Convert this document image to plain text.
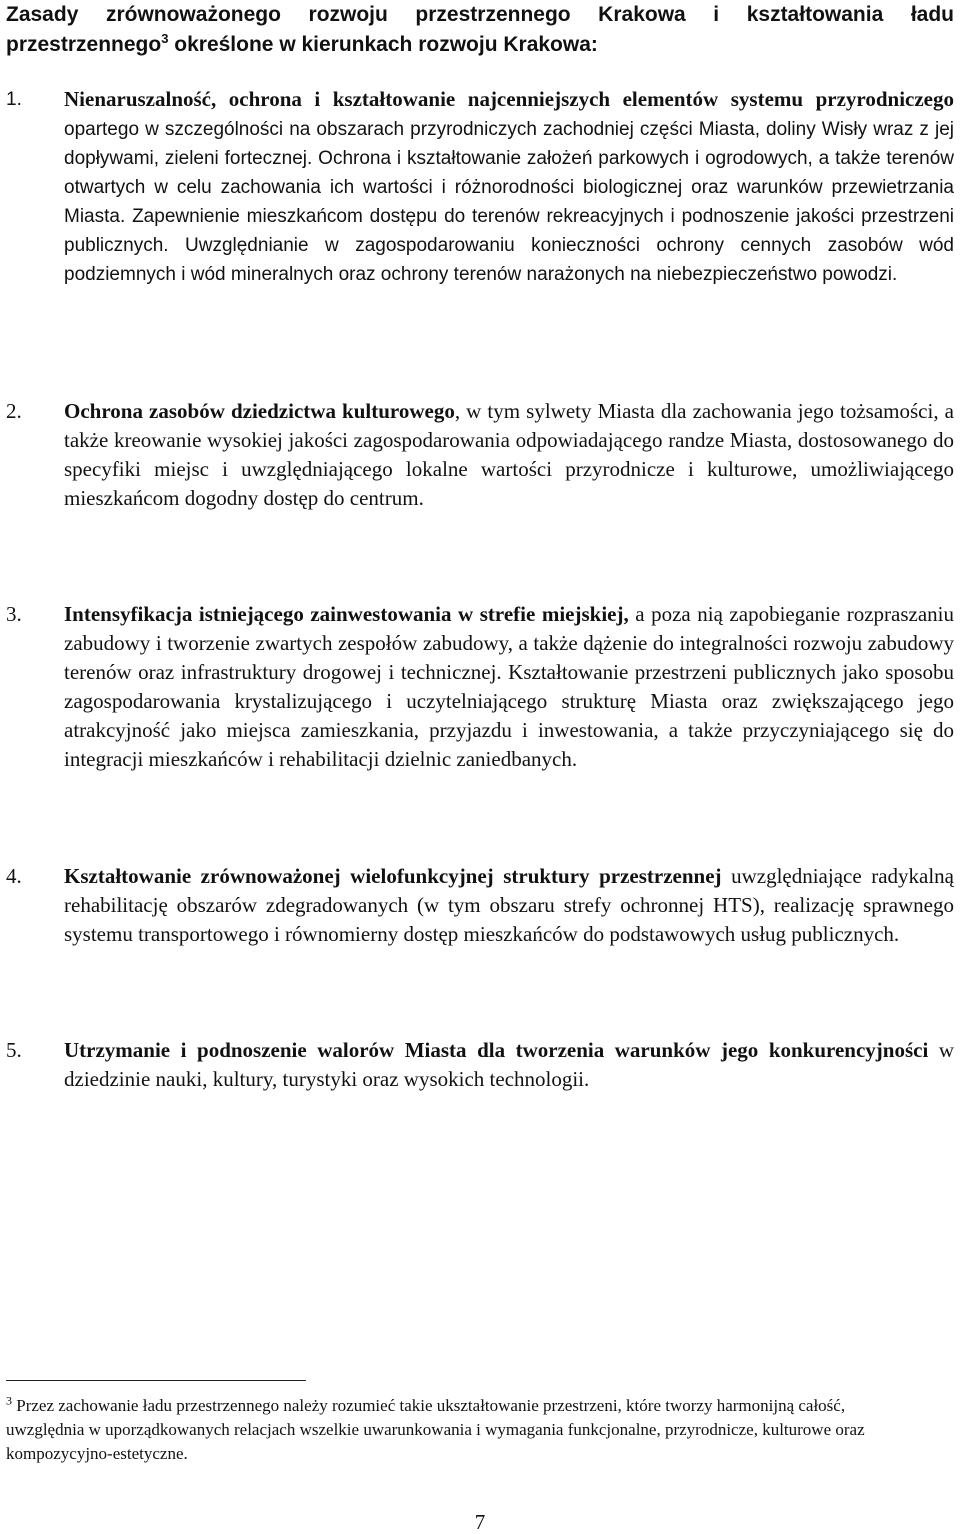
Zasady zrównoważonego rozwoju przestrzennego Krakowa i kształtowania ładu przestrzennego$^3$ określone w kierunkach rozwoju Krakowa:
1. Nienaruszalność, ochrona i kształtowanie najcenniejszych elementów systemu przyrodniczego opartego w szczególności na obszarach przyrodniczych zachodniej części Miasta, doliny Wisły wraz z jej dopływami, zieleni fortecznej. Ochrona i kształtowanie założeń parkowych i ogrodowych, a także terenów otwartych w celu zachowania ich wartości i różnorodności biologicznej oraz warunków przewietrzania Miasta. Zapewnienie mieszkańcom dostępu do terenów rekreacyjnych i podnoszenie jakości przestrzeni publicznych. Uwzględnianie w zagospodarowaniu konieczności ochrony cennych zasobów wód podziemnych i wód mineralnych oraz ochrony terenów narażonych na niebezpieczeństwo powodzi.
2. Ochrona zasobów dziedzictwa kulturowego, w tym sylwety Miasta dla zachowania jego tożsamości, a także kreowanie wysokiej jakości zagospodarowania odpowiadającego randze Miasta, dostosowanego do specyfiki miejsc i uwzględniającego lokalne wartości przyrodnicze i kulturowe, umożliwiającego mieszkańcom dogodny dostęp do centrum.
3. Intensyfikacja istniejącego zainwestowania w strefie miejskiej, a poza nią zapobieganie rozpraszaniu zabudowy i tworzenie zwartych zespołów zabudowy, a także dążenie do integralności rozwoju zabudowy terenów oraz infrastruktury drogowej i technicznej. Kształtowanie przestrzeni publicznych jako sposobu zagospodarowania krystalizującego i uczytelniającego strukturę Miasta oraz zwiększającego jego atrakcyjność jako miejsca zamieszkania, przyjazdu i inwestowania, a także przyczyniającego się do integracji mieszkańców i rehabilitacji dzielnic zaniedbanych.
4. Kształtowanie zrównoważonej wielofunkcyjnej struktury przestrzennej uwzględniające radykalną rehabilitację obszarów zdegradowanych (w tym obszaru strefy ochronnej HTS), realizację sprawnego systemu transportowego i równomierny dostęp mieszkańców do podstawowych usług publicznych.
5. Utrzymanie i podnoszenie walorów Miasta dla tworzenia warunków jego konkurencyjności w dziedzinie nauki, kultury, turystyki oraz wysokich technologii.
$^3$ Przez zachowanie ładu przestrzennego należy rozumieć takie ukształtowanie przestrzeni, które tworzy harmonijną całość, uwzględnia w uporządkowanych relacjach wszelkie uwarunkowania i wymagania funkcjonalne, przyrodnicze, kulturowe oraz kompozycyjno-estetyczne.
7
